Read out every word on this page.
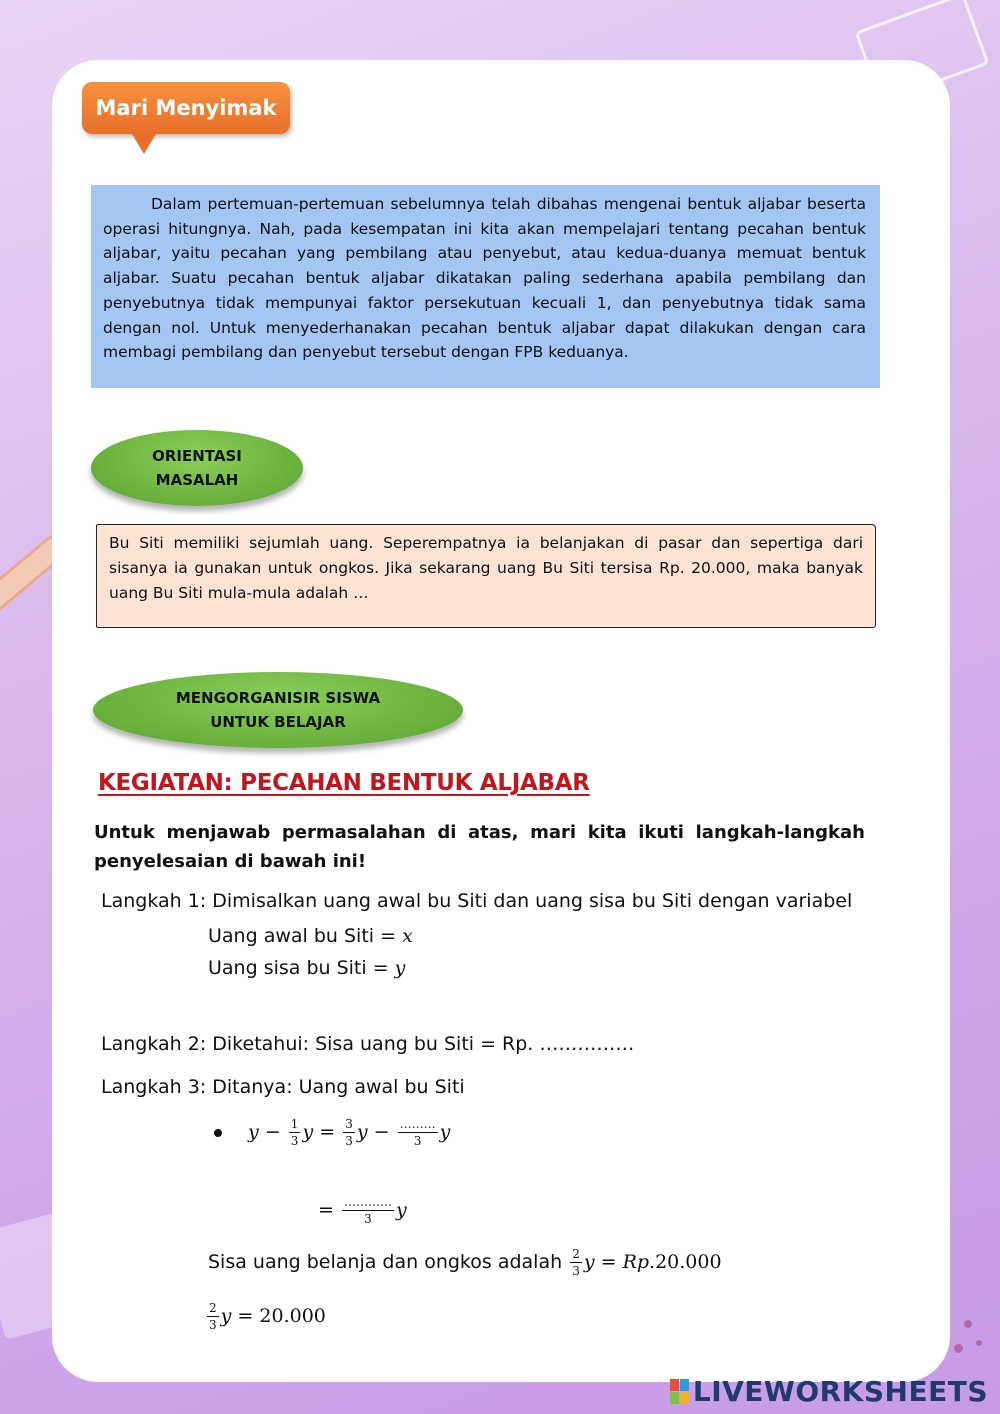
Mari Menyimak
Dalam pertemuan-pertemuan sebelumnya telah dibahas mengenai bentuk aljabar beserta operasi hitungnya. Nah, pada kesempatan ini kita akan mempelajari tentang pecahan bentuk aljabar, yaitu pecahan yang pembilang atau penyebut, atau kedua-duanya memuat bentuk aljabar. Suatu pecahan bentuk aljabar dikatakan paling sederhana apabila pembilang dan penyebutnya tidak mempunyai faktor persekutuan kecuali 1, dan penyebutnya tidak sama dengan nol. Untuk menyederhanakan pecahan bentuk aljabar dapat dilakukan dengan cara membagi pembilang dan penyebut tersebut dengan FPB keduanya.
ORIENTASI
MASALAH
Bu Siti memiliki sejumlah uang. Seperempatnya ia belanjakan di pasar dan sepertiga dari sisanya ia gunakan untuk ongkos. Jika sekarang uang Bu Siti tersisa Rp. 20.000, maka banyak uang Bu Siti mula-mula adalah …
MENGORGANISIR SISWA
UNTUK BELAJAR
KEGIATAN: PECAHAN BENTUK ALJABAR
Untuk menjawab permasalahan di atas, mari kita ikuti langkah-langkah penyelesaian di bawah ini!
Langkah 1: Dimisalkan uang awal bu Siti dan uang sisa bu Siti dengan variabel
Uang awal bu Siti = x
Uang sisa bu Siti = y
Langkah 2: Diketahui: Sisa uang bu Siti = Rp. ……………
Langkah 3: Ditanya: Uang awal bu Siti
$y - \frac{1}{3}$ $y = \frac{3}{3}$ $y - \frac{\dots\dots\dots}{3}$ y
= $\frac{\dots\dots\dots\dots}{3}$ y
Sisa uang belanja dan ongkos adalah $\frac{2}{3}$ y = Rp.20.000
$\frac{2}{3}$ y = 20.000
LIVEWORKSHEETS
